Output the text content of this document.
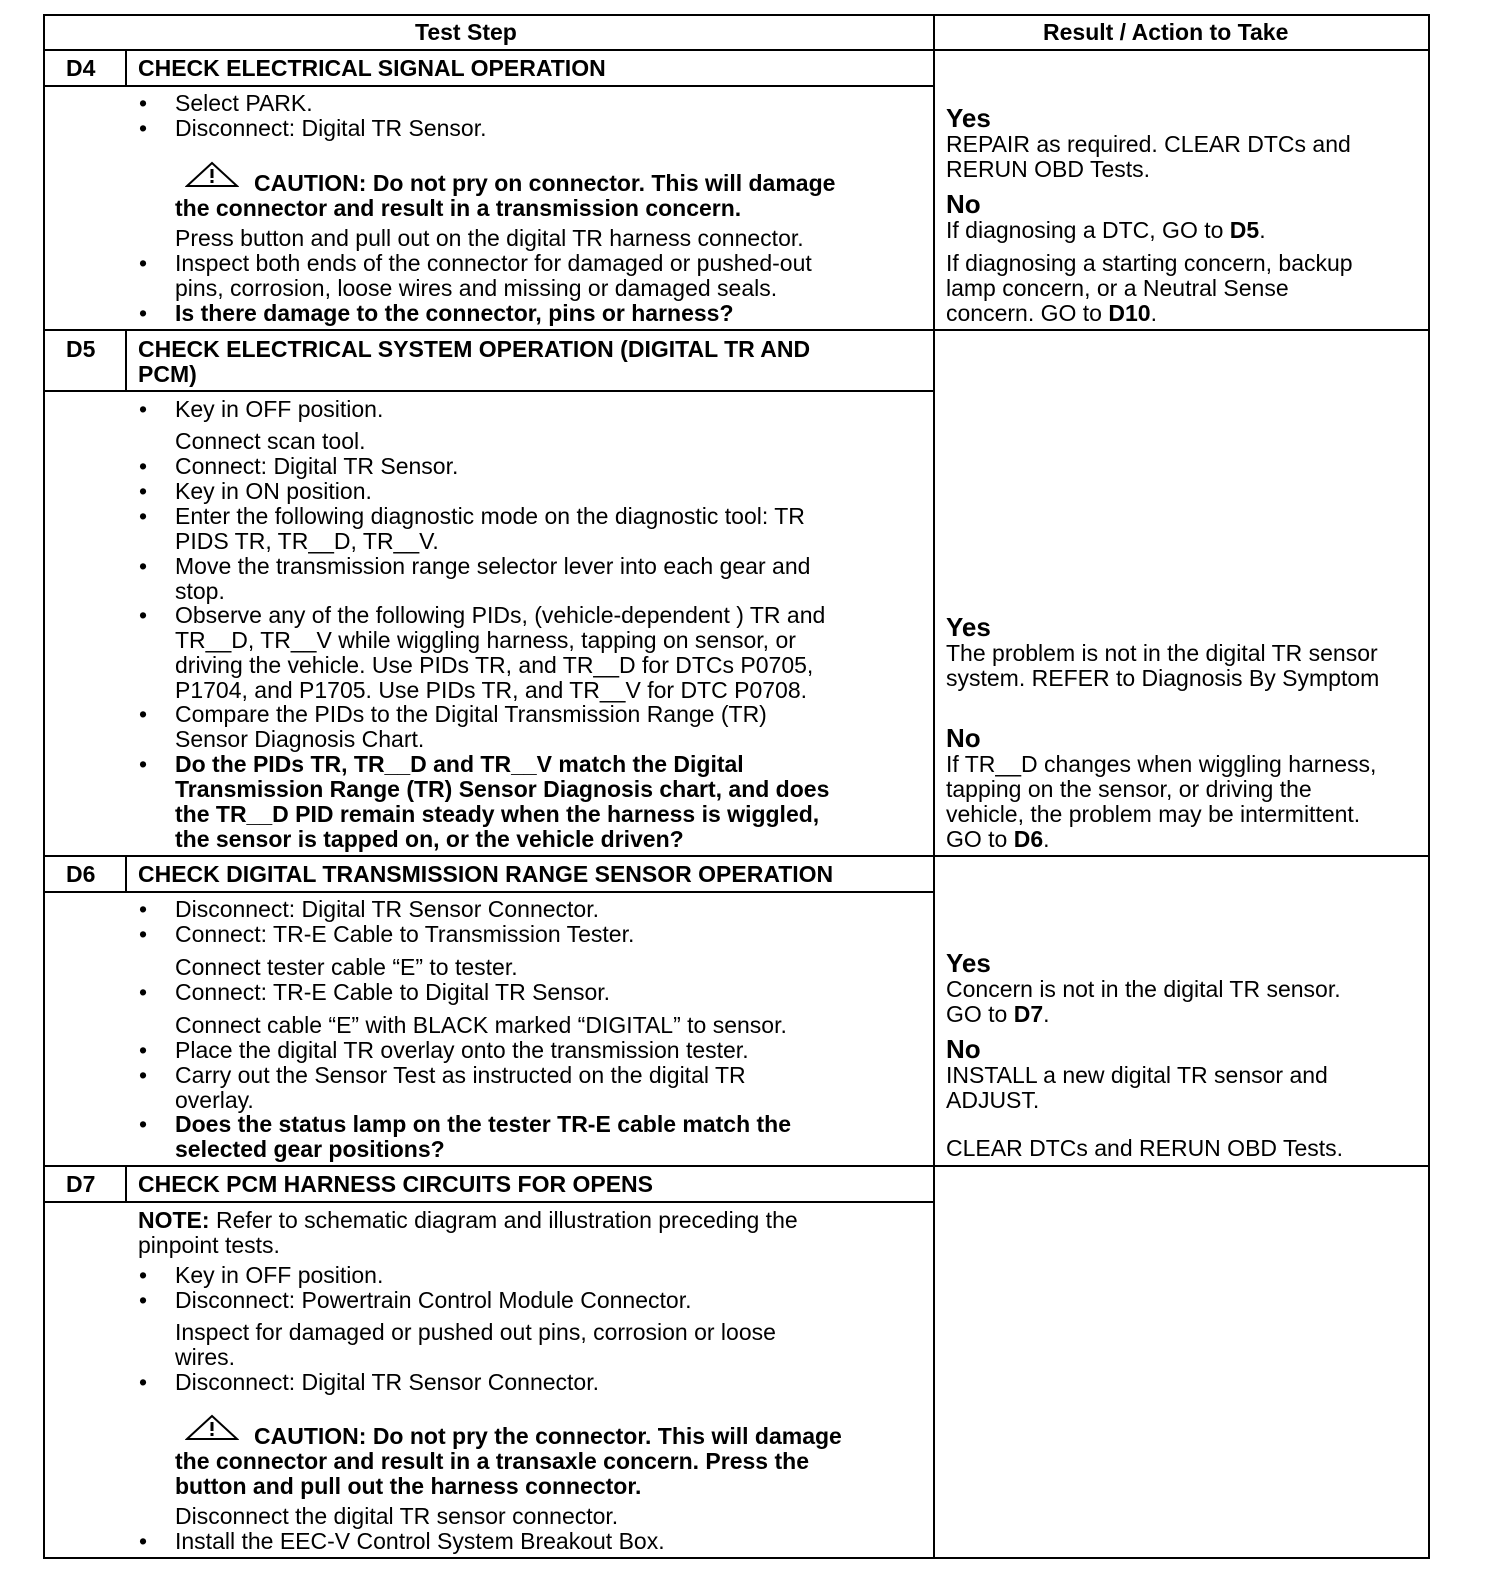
Test Step	Result / Action to Take
D4 CHECK ELECTRICAL SIGNAL OPERATION
• Select PARK.
• Disconnect: Digital TR Sensor.
CAUTION: Do not pry on connector. This will damage
the connector and result in a transmission concern.
Press button and pull out on the digital TR harness connector.
• Inspect both ends of the connector for damaged or pushed-out
pins, corrosion, loose wires and missing or damaged seals.
• Is there damage to the connector, pins or harness?
Yes
REPAIR as required. CLEAR DTCs and
RERUN OBD Tests.
No
If diagnosing a DTC, GO to D5.
If diagnosing a starting concern, backup
lamp concern, or a Neutral Sense
concern. GO to D10.
D5 CHECK ELECTRICAL SYSTEM OPERATION (DIGITAL TR AND
PCM)
• Key in OFF position.
Connect scan tool.
• Connect: Digital TR Sensor.
• Key in ON position.
• Enter the following diagnostic mode on the diagnostic tool: TR
PIDS TR, TR__D, TR__V.
• Move the transmission range selector lever into each gear and
stop.
• Observe any of the following PIDs, (vehicle-dependent ) TR and
TR__D, TR__V while wiggling harness, tapping on sensor, or
driving the vehicle. Use PIDs TR, and TR__D for DTCs P0705,
P1704, and P1705. Use PIDs TR, and TR__V for DTC P0708.
• Compare the PIDs to the Digital Transmission Range (TR)
Sensor Diagnosis Chart.
• Do the PIDs TR, TR__D and TR__V match the Digital
Transmission Range (TR) Sensor Diagnosis chart, and does
the TR__D PID remain steady when the harness is wiggled,
the sensor is tapped on, or the vehicle driven?
Yes
The problem is not in the digital TR sensor
system. REFER to Diagnosis By Symptom
No
If TR__D changes when wiggling harness,
tapping on the sensor, or driving the
vehicle, the problem may be intermittent.
GO to D6.
D6 CHECK DIGITAL TRANSMISSION RANGE SENSOR OPERATION
• Disconnect: Digital TR Sensor Connector.
• Connect: TR-E Cable to Transmission Tester.
Connect tester cable “E” to tester.
• Connect: TR-E Cable to Digital TR Sensor.
Connect cable “E” with BLACK marked “DIGITAL” to sensor.
• Place the digital TR overlay onto the transmission tester.
• Carry out the Sensor Test as instructed on the digital TR
overlay.
• Does the status lamp on the tester TR-E cable match the
selected gear positions?
Yes
Concern is not in the digital TR sensor.
GO to D7.
No
INSTALL a new digital TR sensor and
ADJUST.
CLEAR DTCs and RERUN OBD Tests.
D7 CHECK PCM HARNESS CIRCUITS FOR OPENS
NOTE: Refer to schematic diagram and illustration preceding the
pinpoint tests.
• Key in OFF position.
• Disconnect: Powertrain Control Module Connector.
Inspect for damaged or pushed out pins, corrosion or loose
wires.
• Disconnect: Digital TR Sensor Connector.
CAUTION: Do not pry the connector. This will damage
the connector and result in a transaxle concern. Press the
button and pull out the harness connector.
Disconnect the digital TR sensor connector.
• Install the EEC-V Control System Breakout Box.
